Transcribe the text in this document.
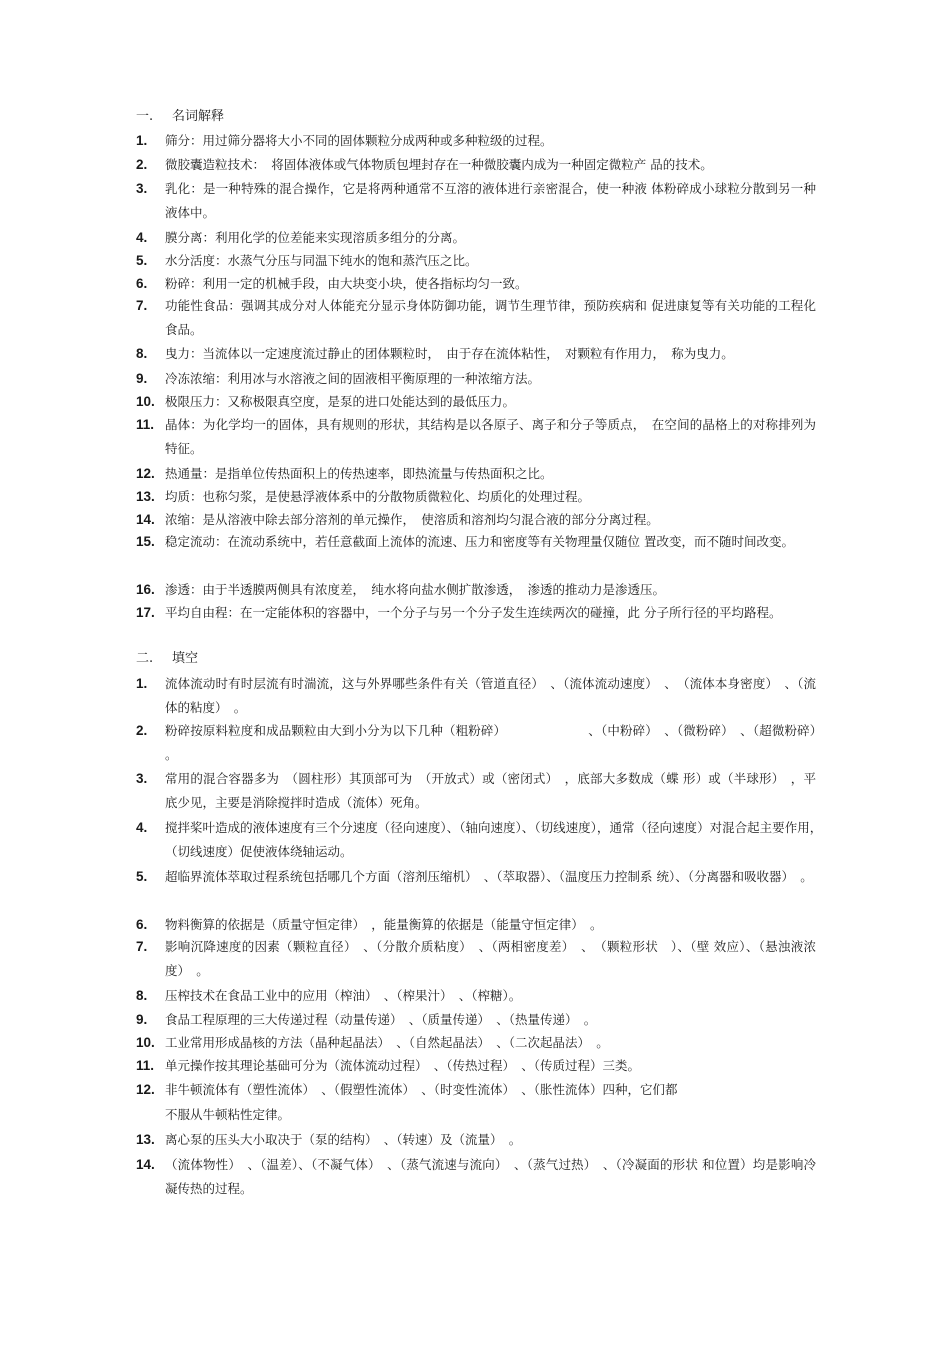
一. 名词解释
1.	筛分：用过筛分器将大小不同的固体颗粒分成两种或多种粒级的过程。
2.	微胶囊造粒技术：　将固体液体或气体物质包埋封存在一种微胶囊内成为一种固定微粒产 品的技术。
3.	乳化：是一种特殊的混合操作，它是将两种通常不互溶的液体进行亲密混合，使一种液 体粉碎成小球粒分散到另一种液体中。
4.	膜分离：利用化学的位差能来实现溶质多组分的分离。
5.	水分活度：水蒸气分压与同温下纯水的饱和蒸汽压之比。
6.	粉碎：利用一定的机械手段，由大块变小块，使各指标均匀一致。
7.	功能性食品：强调其成分对人体能充分显示身体防御功能，调节生理节律，预防疾病和 促进康复等有关功能的工程化食品。
8.	曳力：当流体以一定速度流过静止的团体颗粒时，　由于存在流体粘性，　对颗粒有作用力，　称为曳力。
9.	冷冻浓缩：利用冰与水溶液之间的固液相平衡原理的一种浓缩方法。
10. 极限压力：又称极限真空度，是泵的进口处能达到的最低压力。
11. 晶体：为化学均一的固体，具有规则的形状，其结构是以各原子、离子和分子等质点，　在空间的晶格上的对称排列为特征。
12. 热通量：是指单位传热面积上的传热速率，即热流量与传热面积之比。
13. 均质：也称匀浆，是使悬浮液体系中的分散物质微粒化、均质化的处理过程。
14. 浓缩：是从溶液中除去部分溶剂的单元操作，　使溶质和溶剂均匀混合液的部分分离过程。
15. 稳定流动：在流动系统中，若任意截面上流体的流速、压力和密度等有关物理量仅随位 置改变，而不随时间改变。
16. 渗透：由于半透膜两侧具有浓度差，　纯水将向盐水侧扩散渗透，　渗透的推动力是渗透压。
17. 平均自由程：在一定能体积的容器中，一个分子与另一个分子发生连续两次的碰撞，此 分子所行径的平均路程。
二. 填空
1.	流体流动时有时层流有时湍流，这与外界哪些条件有关（管道直径）　、（流体流动速度）　、　（流体本身密度）　、（流体的粘度）　。
2.	粉碎按原料粒度和成品颗粒由大到小分为以下几种（粗粉碎）　　　　　　　、（中粉碎）　、（微粉碎）　、（超微粉碎）　。
3.	常用的混合容器多为　（圆柱形）其顶部可为　（开放式）或（密闭式）　，底部大多数成（蝶 形）或（半球形）　，平底少见，主要是消除搅拌时造成（流体）死角。
4.	搅拌桨叶造成的液体速度有三个分速度（径向速度）、（轴向速度）、（切线速度），通常（径向速度）对混合起主要作用，　（切线速度）促使液体绕轴运动。
5.	超临界流体萃取过程系统包括哪几个方面（溶剂压缩机）　、（萃取器）、（温度压力控制系 统）、（分离器和吸收器）　。
6.	物料衡算的依据是（质量守恒定律）　，能量衡算的依据是（能量守恒定律）　。
7.	影响沉降速度的因素（颗粒直径）　、（分散介质粘度）　、（两相密度差）　、　（颗粒形状　）、（壁 效应）、（悬浊液浓度）　。
8.	压榨技术在食品工业中的应用（榨油）　、（榨果汁）　、（榨糖）。
9.	食品工程原理的三大传递过程（动量传递）　、（质量传递）　、（热量传递）　。
10. 工业常用形成晶核的方法（晶种起晶法）　、（自然起晶法）　、（二次起晶法）　。
11. 单元操作按其理论基础可分为（流体流动过程）　、（传热过程）　、（传质过程）三类。
12. 非牛顿流体有（塑性流体）　、（假塑性流体）　、（时变性流体）　、（胀性流体）四种，它们都
不服从牛顿粘性定律。
13. 离心泵的压头大小取决于（泵的结构）　、（转速）及（流量）　。
14. （流体物性）　、（温差）、（不凝气体）　、（蒸气流速与流向）　、（蒸气过热）　、（冷凝面的形状 和位置）均是影响冷凝传热的过程。
